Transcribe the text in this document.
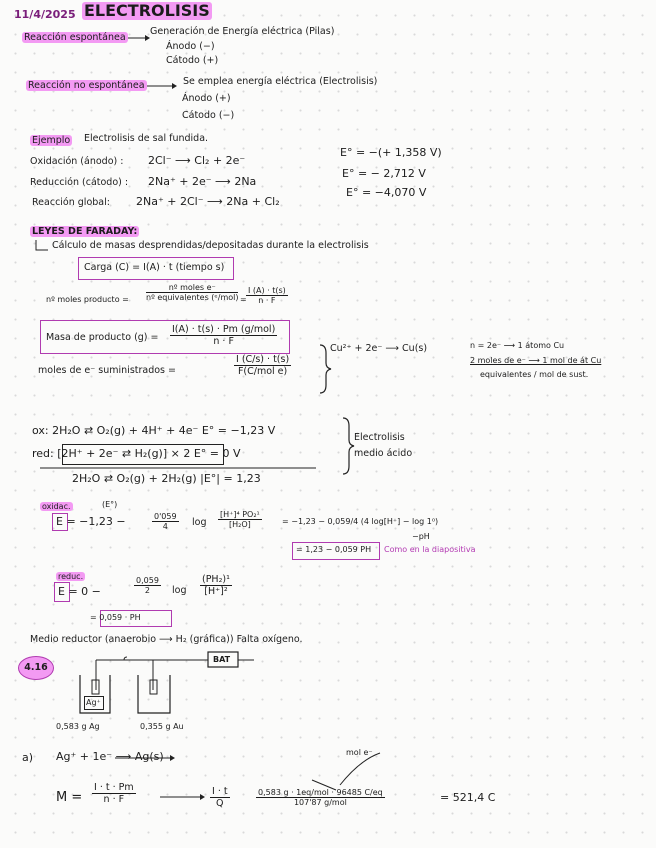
11/4/2025 ELECTROLISIS
Reacción espontánea
Generación de Energía eléctrica (Pilas)
Ánodo (−)
Cátodo (+)
Reacción no espontánea	Se emplea energía eléctrica (Electrolisis)
Ánodo (+)
Cátodo (−)
Ejemplo Electrolisis de sal fundida.
Oxidación (ánodo) : 2Cl⁻ ⟶ Cl₂ + 2e⁻
Reducción (cátodo) : 2Na⁺ + 2e⁻ ⟶ 2Na
Reacción global: 2Na⁺ + 2Cl⁻ ⟶ 2Na + Cl₂
E° = −(+ 1,358 V)
E° = − 2,712 V
E° = −4,070 V
LEYES DE FARADAY:
Cálculo de masas desprendidas/depositadas durante la electrolisis
Carga (C) = I(A) · t (tiempo s)
nº moles producto =
nº moles e⁻
nº equivalentes (ᵉ/mol) = $\frac{I (A) \cdot t(s)}{n \cdot F}$
Masa de producto (g) =
I(A) · t(s) · Pm (g/mol)
n · F
moles de e⁻ suministrados =
I (C/s) · t(s)
F(C/mol e)
Cu²⁺ + 2e⁻ ⟶ Cu(s)	n = 2e⁻ ⟶ 1 átomo Cu
2 moles de e⁻ ⟶ 1 mol de át Cu
equivalentes / mol de sust.
ox: 2H₂O ⇄ O₂(g) + 4H⁺ + 4e⁻ E° = −1,23 V
red: [2H⁺ + 2e⁻ ⇄ H₂(g)] × 2 E° = 0 V
2H₂O ⇄ O₂(g) + 2H₂(g) |E°| = 1,23
Electrolisis
medio ácido
oxidac.	(E°)
E = −1,23 −	$\frac{0'059}{4}$ $\log \frac{\text{[H⁺]⁴ PO₂¹}}{\text{[H₂O]}}$	= −1,23 − 0,059/4 (4 log[H⁺] − log 1⁰)
−pH
= 1,23 − 0,059 PH Como en la diapositiva
reduc.
E = 0 −	$\frac{0,059}{2}$ $\log \frac{\text{(PH₂)¹}}{\text{[H⁺]²}}$
= 0,059 · PH
Medio reductor (anaerobio ⟶ H₂ (gráfica)) Falta oxígeno.
4.16
BAT
Ag⁺
0,583 g Ag	0,355 g Au
a) Ag⁺ + 1e⁻ ⟶ Ag(s)	mol e⁻
$M = \frac{I \cdot t \cdot Pm}{n \cdot F}$	$\frac{I \cdot t}{Q}$	0,583 g · 1eq/mol · 96485 C/eq
107'87 g/mol	= 521,4 C
